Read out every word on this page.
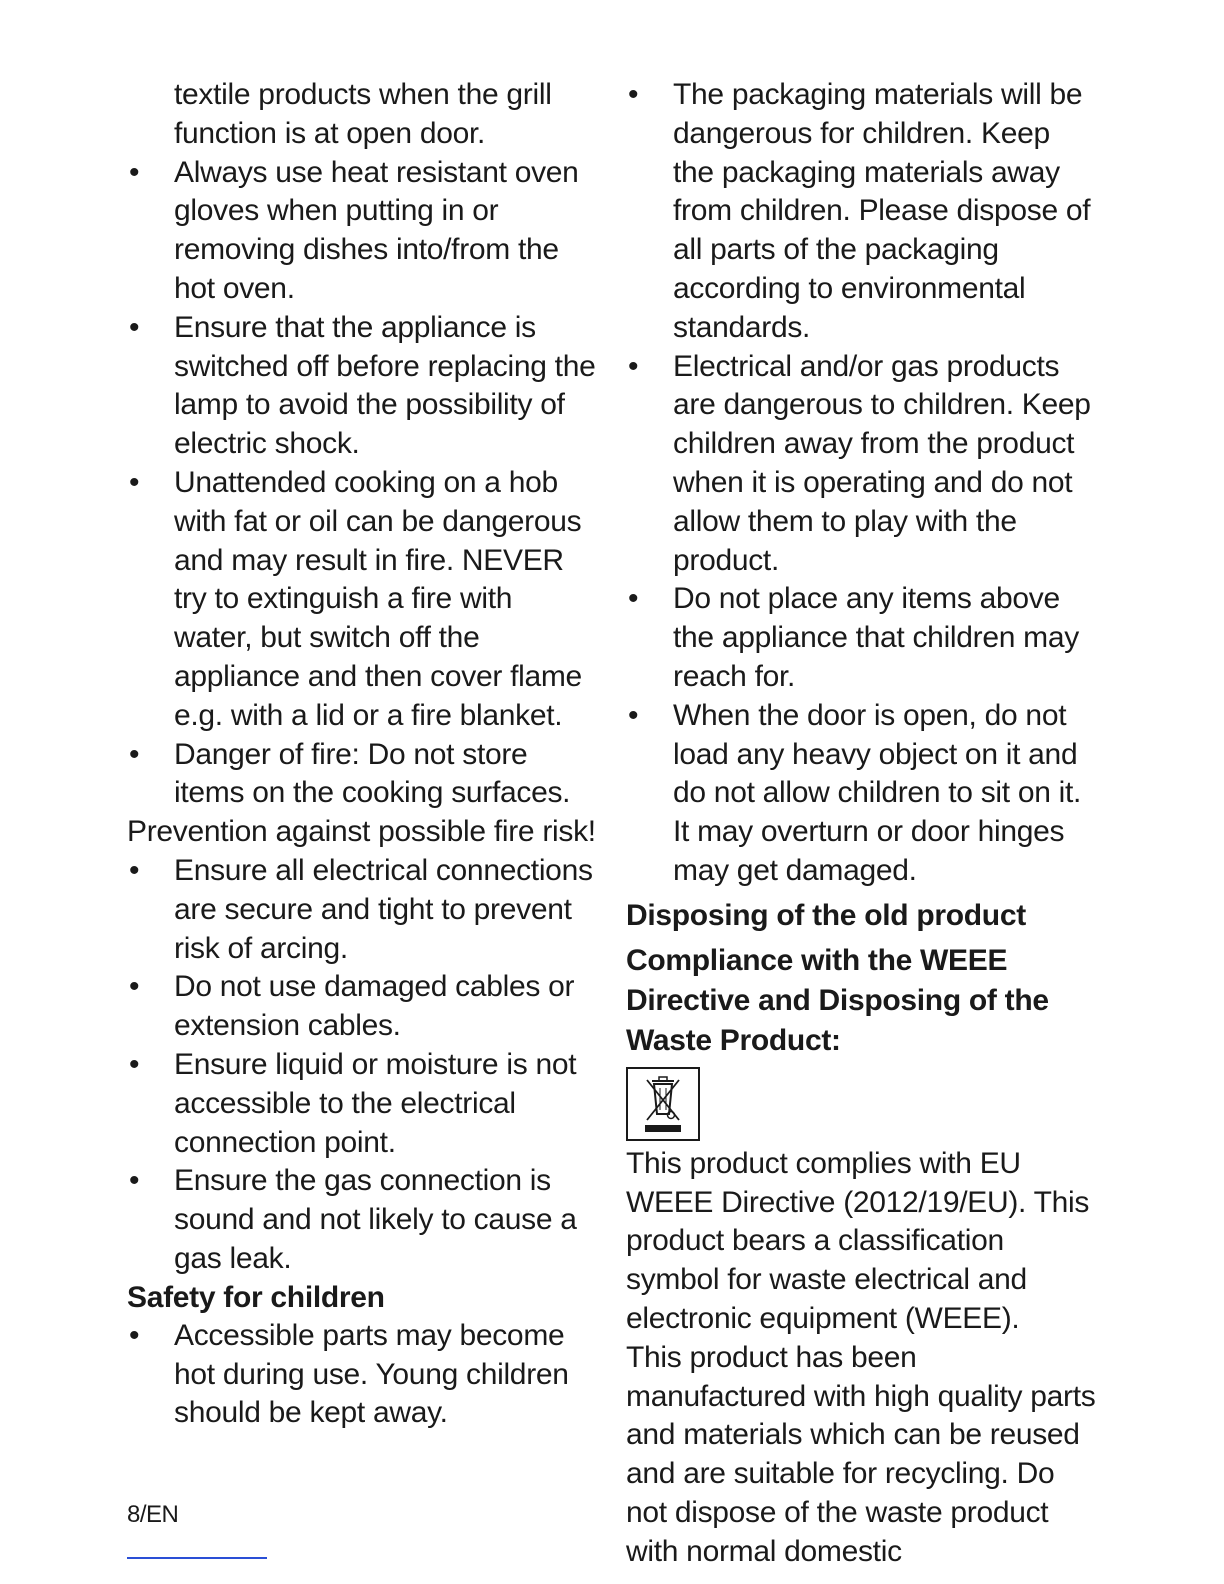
textile products when the grill function is at open door.

• Always use heat resistant oven gloves when putting in or removing dishes into/from the hot oven.
• Ensure that the appliance is switched off before replacing the lamp to avoid the possibility of electric shock.
• Unattended cooking on a hob with fat or oil can be dangerous and may result in fire. NEVER try to extinguish a fire with water, but switch off the appliance and then cover flame e.g. with a lid or a fire blanket.
• Danger of fire: Do not store items on the cooking surfaces.

Prevention against possible fire risk!

• Ensure all electrical connections are secure and tight to prevent risk of arcing.
• Do not use damaged cables or extension cables.
• Ensure liquid or moisture is not accessible to the electrical connection point.
• Ensure the gas connection is sound and not likely to cause a gas leak.
Safety for children
• Accessible parts may become hot during use. Young children should be kept away.
• The packaging materials will be dangerous for children. Keep the packaging materials away from children. Please dispose of all parts of the packaging according to environmental standards.
• Electrical and/or gas products are dangerous to children. Keep children away from the product when it is operating and do not allow them to play with the product.
• Do not place any items above the appliance that children may reach for.
• When the door is open, do not load any heavy object on it and do not allow children to sit on it. It may overturn or door hinges may get damaged.
Disposing of the old product
Compliance with the WEEE Directive and Disposing of the Waste Product:

This product complies with EU WEEE Directive (2012/19/EU). This product bears a classification symbol for waste electrical and electronic equipment (WEEE).

This product has been manufactured with high quality parts and materials which can be reused and are suitable for recycling. Do not dispose of the waste product with normal domestic

8/EN
